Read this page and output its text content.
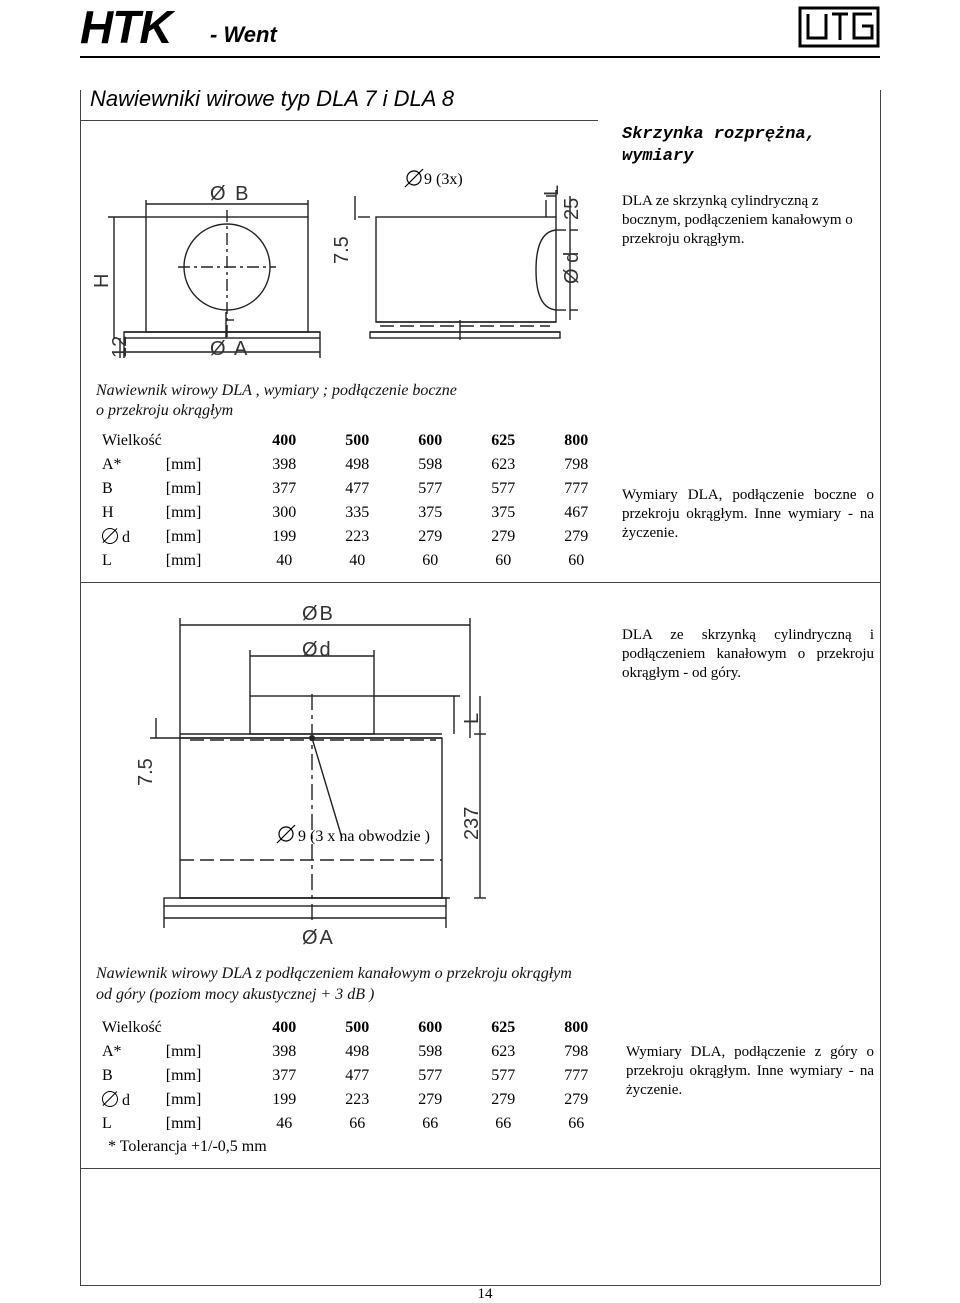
HTK - Went
Nawiewniki wirowe typ DLA 7 i DLA 8
Skrzynka rozprężna, wymiary
DLA ze skrzynką cylindryczną z bocznym, podłączeniem kanałowym o przekroju okrągłym.
Ø B
Ø A
H
12
7.5
L
25
Ø d
9 (3x)
Nawiewnik wirowy DLA , wymiary ; podłączenie boczne
o przekroju okrągłym
Wielkość		400	500	600	625	800
A*	[mm]	398	498	598	623	798
B	[mm]	377	477	577	577	777
H	[mm]	300	335	375	375	467
d	[mm]	199	223	279	279	279
L	[mm]	40	40	60	60	60
Wymiary DLA, podłączenie boczne o przekroju okrągłym. Inne wymiary - na życzenie.
DLA ze skrzynką cylindryczną i podłączeniem kanałowym o przekroju okrągłym - od góry.
ØB
Ød
L
7.5
237
ØA
9 (3 x na obwodzie )
Nawiewnik wirowy DLA z podłączeniem kanałowym o przekroju okrągłym
od góry (poziom mocy akustycznej + 3 dB )
Wielkość		400	500	600	625	800
A*	[mm]	398	498	598	623	798
B	[mm]	377	477	577	577	777
d	[mm]	199	223	279	279	279
L	[mm]	46	66	66	66	66
* Tolerancja +1/-0,5 mm
Wymiary DLA, podłączenie z góry o przekroju okrągłym. Inne wymiary - na życzenie.
14
